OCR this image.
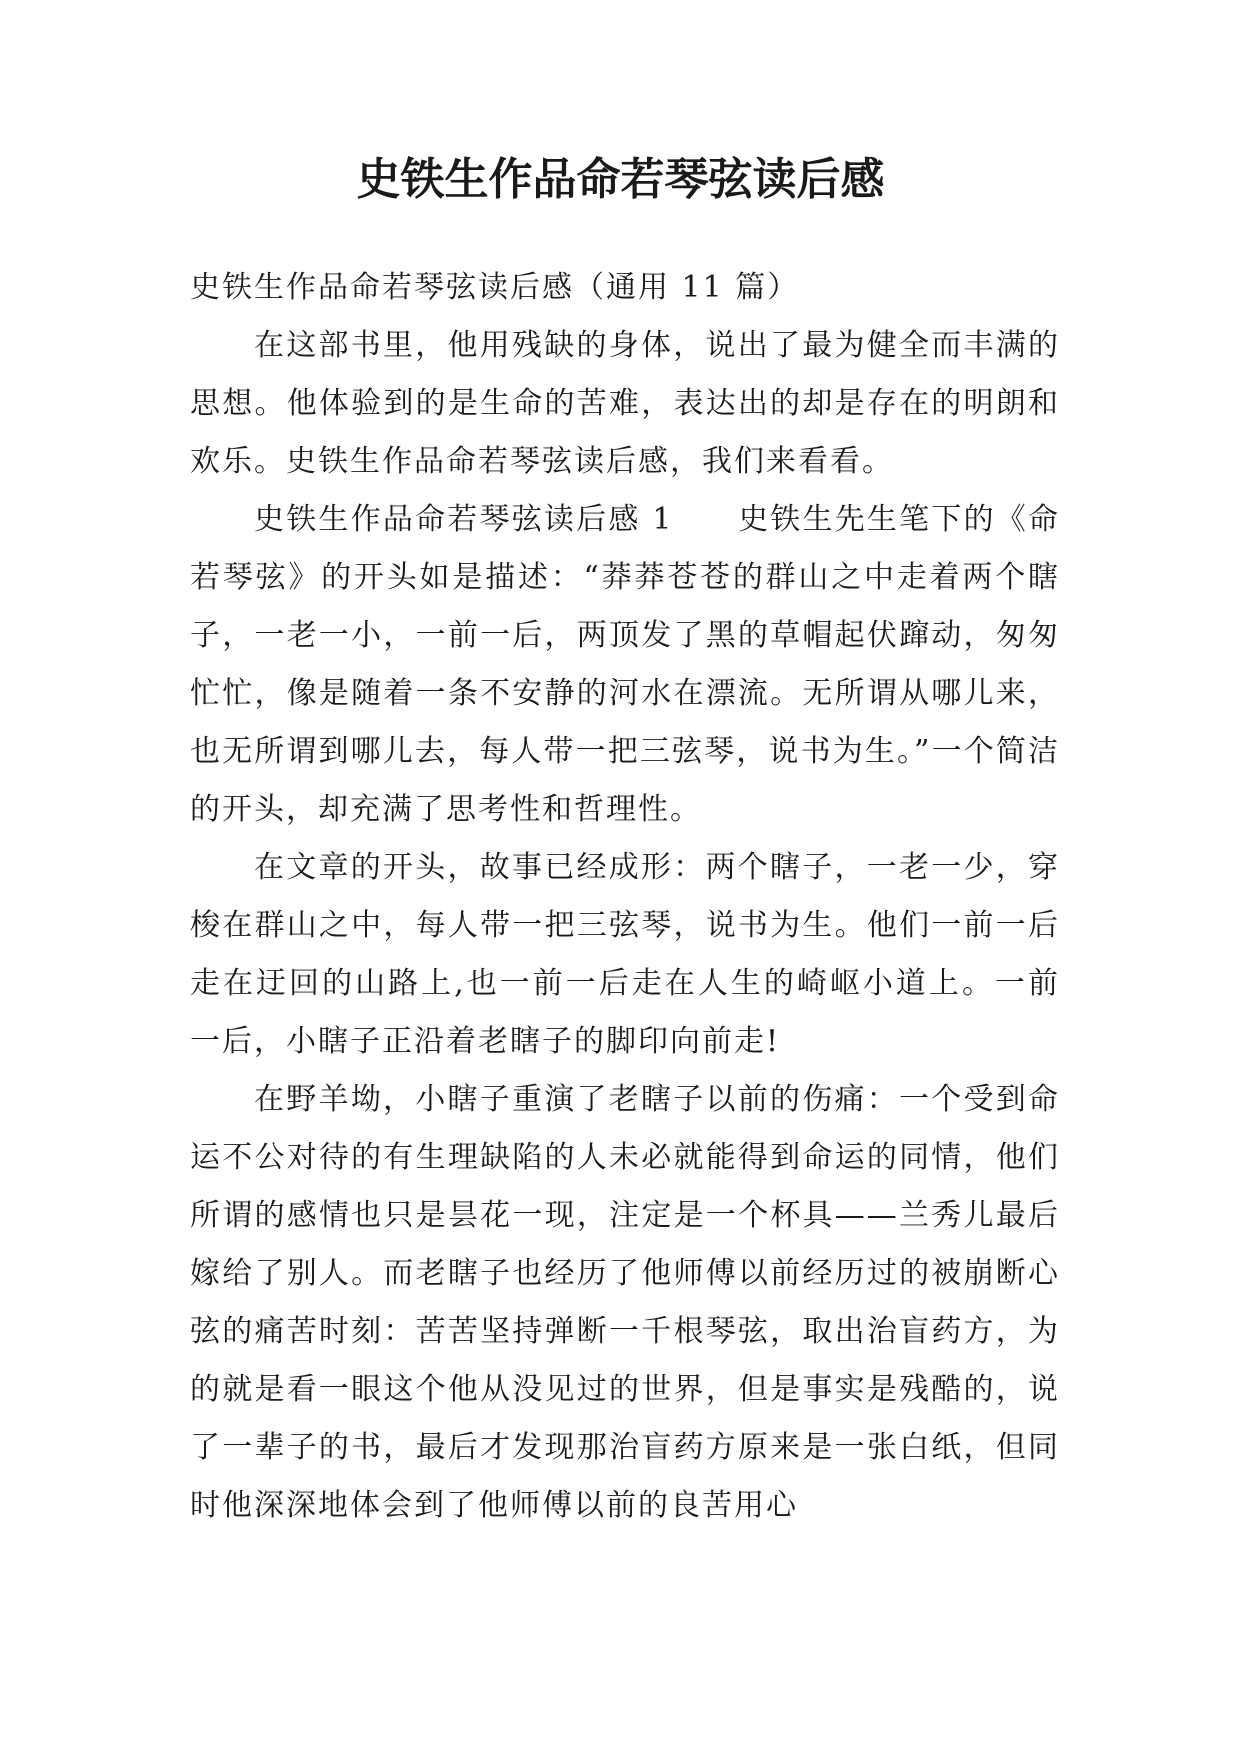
史铁生作品命若琴弦读后感

史铁生作品命若琴弦读后感（通用 11 篇）

在这部书里，他用残缺的身体，说出了最为健全而丰满的思想。他体验到的是生命的苦难，表达出的却是存在的明朗和欢乐。史铁生作品命若琴弦读后感，我们来看看。

史铁生作品命若琴弦读后感 1　　史铁生先生笔下的《命若琴弦》的开头如是描述：“莽莽苍苍的群山之中走着两个瞎子，一老一小，一前一后，两顶发了黑的草帽起伏蹿动，匆匆忙忙，像是随着一条不安静的河水在漂流。无所谓从哪儿来，也无所谓到哪儿去，每人带一把三弦琴，说书为生。”一个简洁的开头，却充满了思考性和哲理性。

在文章的开头，故事已经成形：两个瞎子，一老一少，穿梭在群山之中，每人带一把三弦琴，说书为生。他们一前一后走在迂回的山路上,也一前一后走在人生的崎岖小道上。一前一后，小瞎子正沿着老瞎子的脚印向前走!

在野羊坳，小瞎子重演了老瞎子以前的伤痛：一个受到命运不公对待的有生理缺陷的人未必就能得到命运的同情，他们所谓的感情也只是昙花一现，注定是一个杯具——兰秀儿最后嫁给了别人。而老瞎子也经历了他师傅以前经历过的被崩断心弦的痛苦时刻：苦苦坚持弹断一千根琴弦，取出治盲药方，为的就是看一眼这个他从没见过的世界，但是事实是残酷的，说了一辈子的书，最后才发现那治盲药方原来是一张白纸，但同时他深深地体会到了他师傅以前的良苦用心
